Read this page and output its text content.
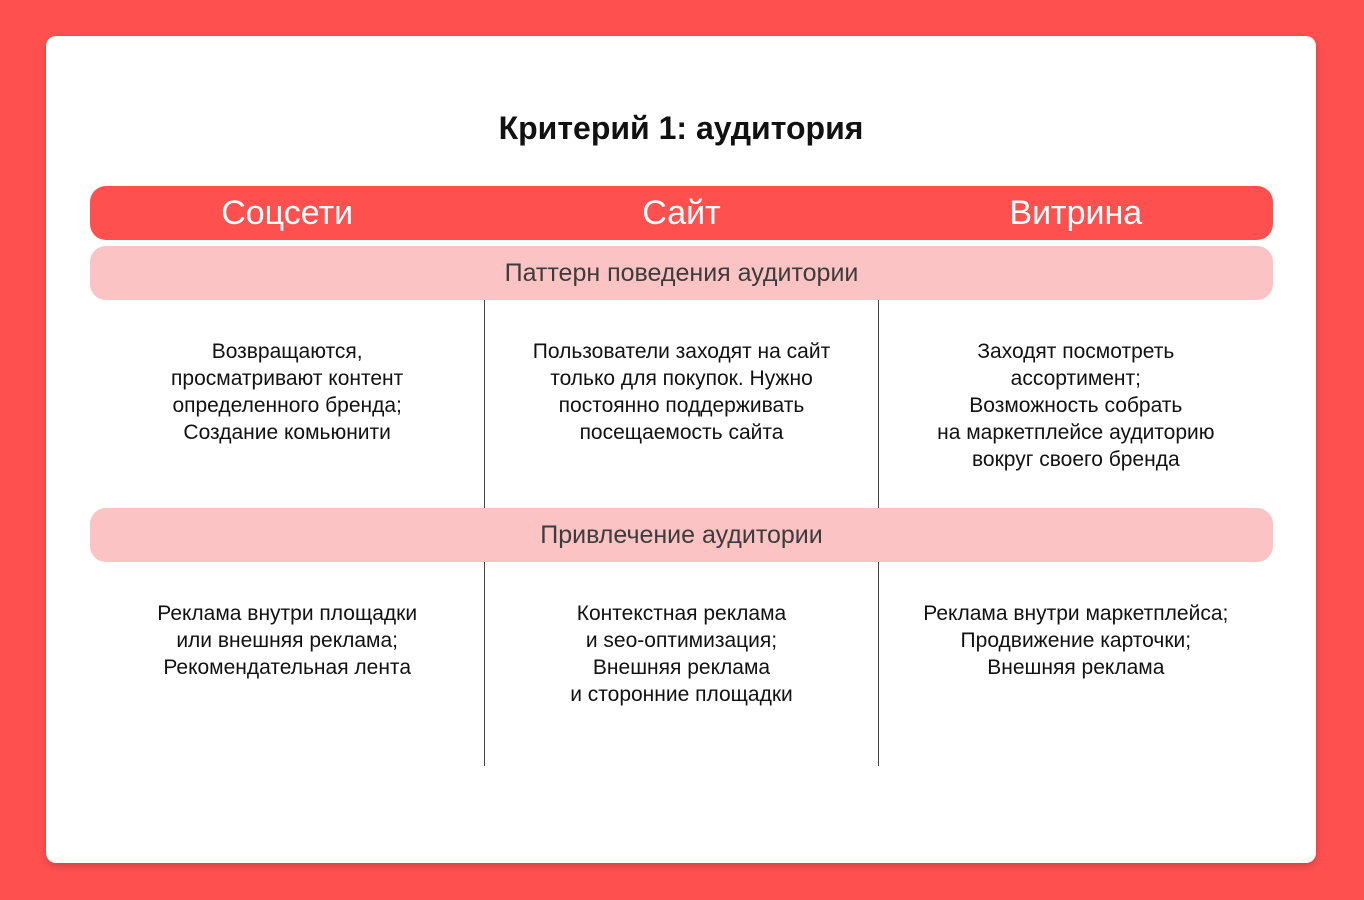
Критерий 1: аудитория
Соцсети	Сайт	Витрина
Паттерн поведения аудитории
Возвращаются,
просматривают контент
определенного бренда;
Создание комьюнити
Пользователи заходят на сайт
только для покупок. Нужно
постоянно поддерживать
посещаемость сайта
Заходят посмотреть
ассортимент;
Возможность собрать
на маркетплейсе аудиторию
вокруг своего бренда
Привлечение аудитории
Реклама внутри площадки
или внешняя реклама;
Рекомендательная лента
Контекстная реклама
и seo-оптимизация;
Внешняя реклама
и сторонние площадки
Реклама внутри маркетплейса;
Продвижение карточки;
Внешняя реклама
